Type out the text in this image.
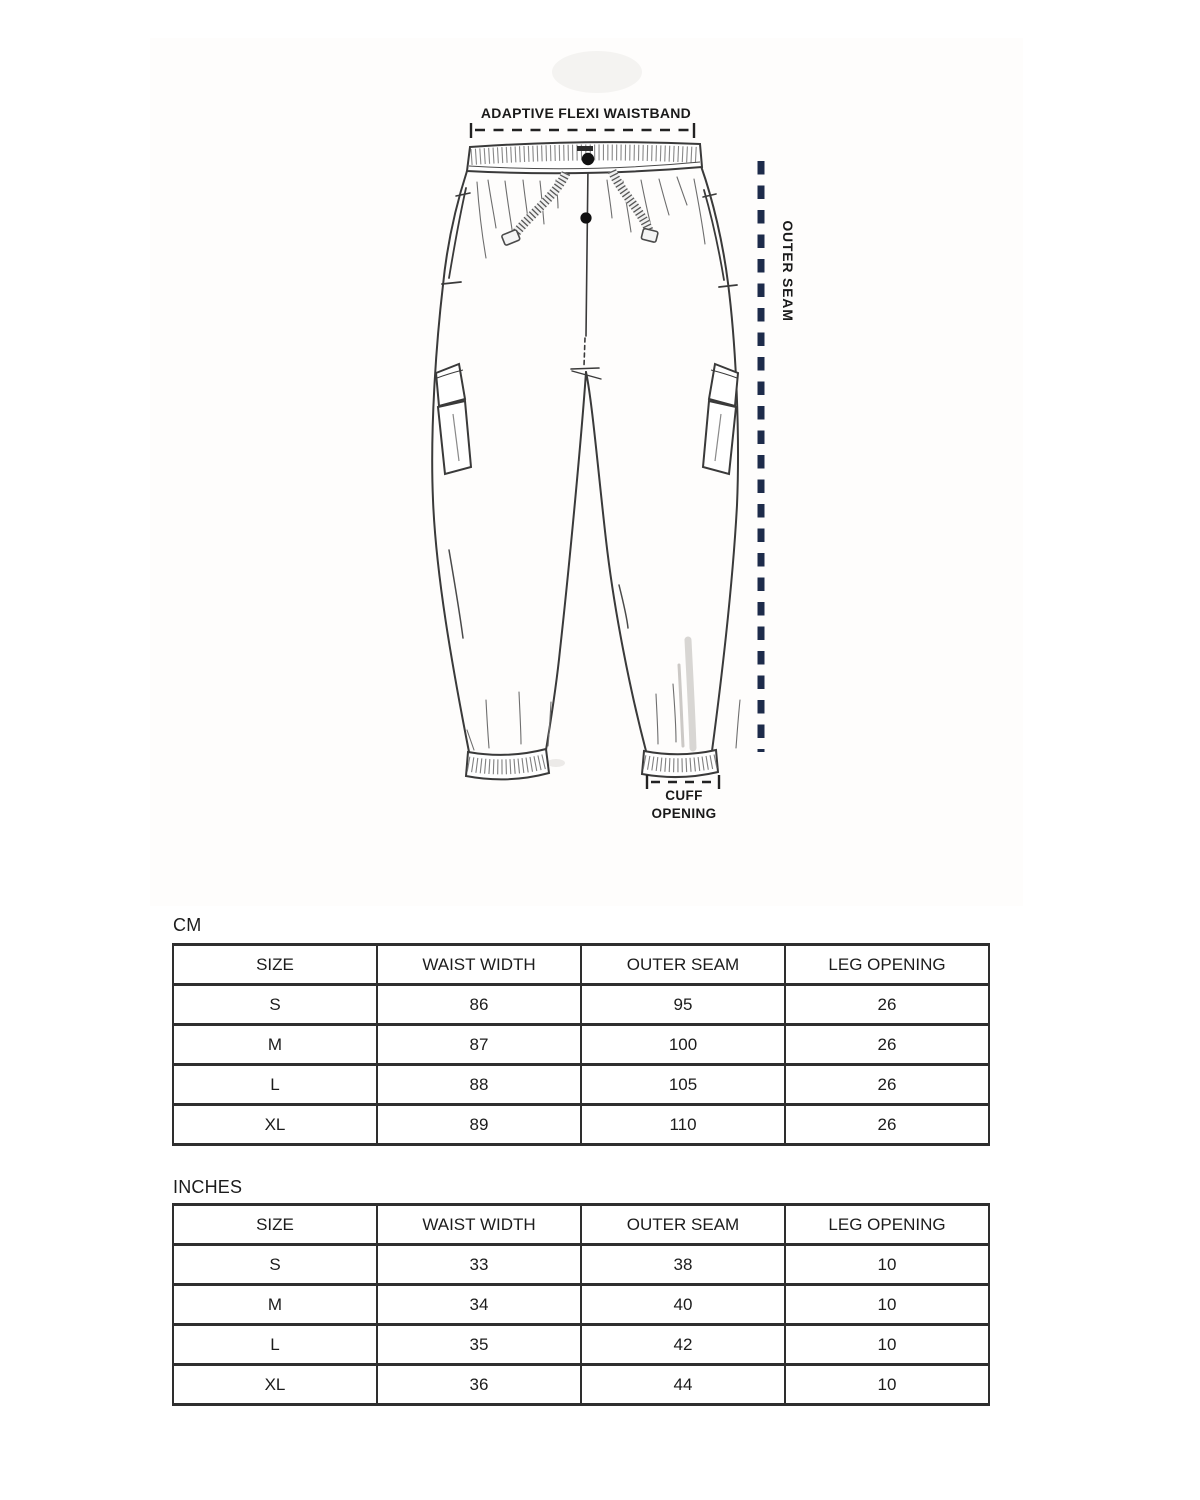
ADAPTIVE FLEXI WAISTBAND
OUTER SEAM
CUFF
OPENING
CM
SIZE	WAIST WIDTH	OUTER SEAM	LEG OPENING
S	86	95	26
M	87	100	26
L	88	105	26
XL	89	110	26
INCHES
SIZE	WAIST WIDTH	OUTER SEAM	LEG OPENING
S	33	38	10
M	34	40	10
L	35	42	10
XL	36	44	10
